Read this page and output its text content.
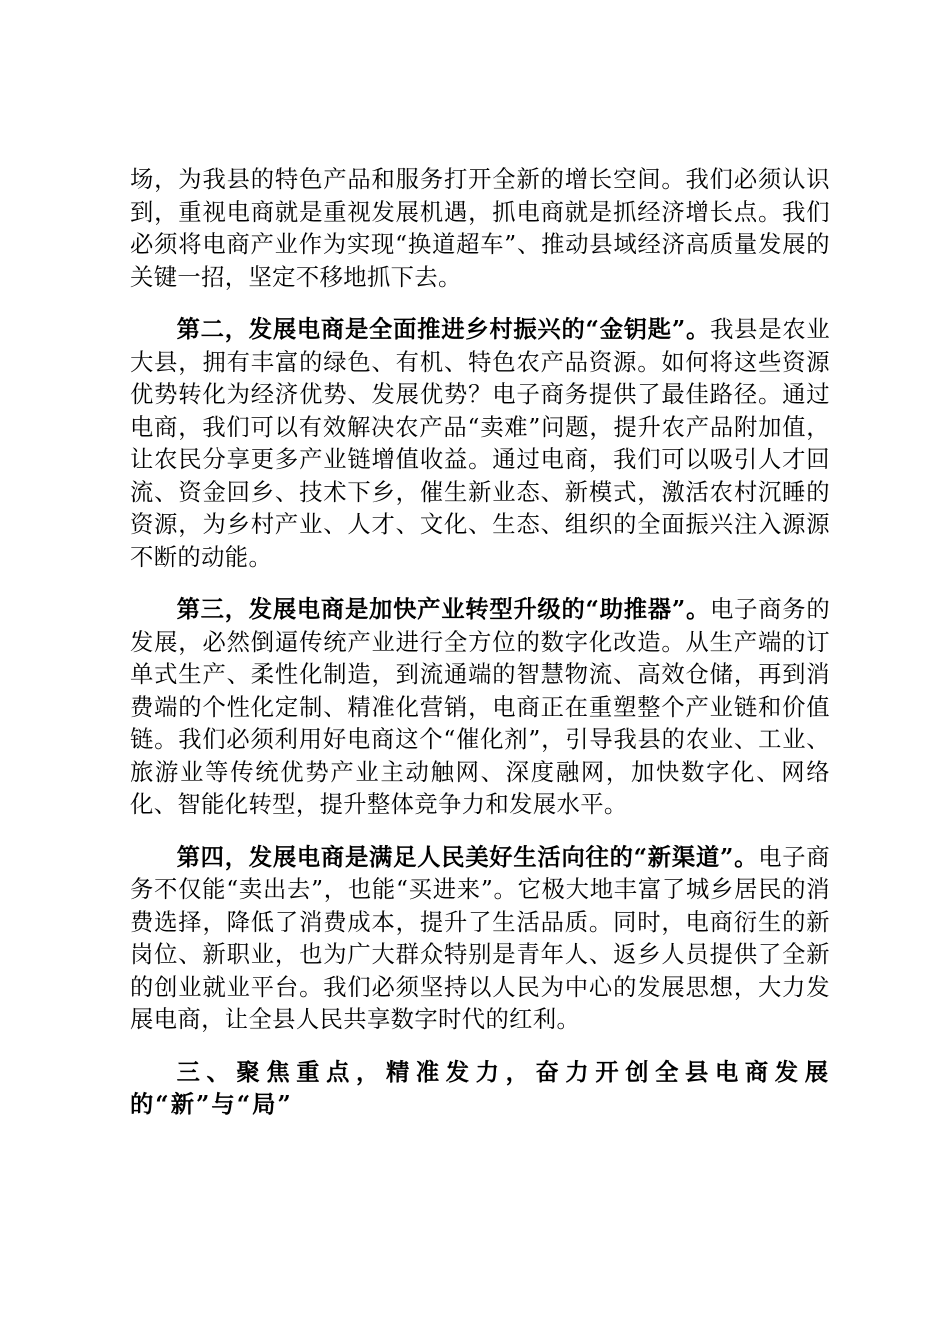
场，为我县的特色产品和服务打开全新的增长空间。我们必须认识到，重视电商就是重视发展机遇，抓电商就是抓经济增长点。我们必须将电商产业作为实现“换道超车”、推动县域经济高质量发展的关键一招，坚定不移地抓下去。

第二，发展电商是全面推进乡村振兴的“金钥匙”。我县是农业大县，拥有丰富的绿色、有机、特色农产品资源。如何将这些资源优势转化为经济优势、发展优势？电子商务提供了最佳路径。通过电商，我们可以有效解决农产品“卖难”问题，提升农产品附加值，让农民分享更多产业链增值收益。通过电商，我们可以吸引人才回流、资金回乡、技术下乡，催生新业态、新模式，激活农村沉睡的资源，为乡村产业、人才、文化、生态、组织的全面振兴注入源源不断的动能。

第三，发展电商是加快产业转型升级的“助推器”。电子商务的发展，必然倒逼传统产业进行全方位的数字化改造。从生产端的订单式生产、柔性化制造，到流通端的智慧物流、高效仓储，再到消费端的个性化定制、精准化营销，电商正在重塑整个产业链和价值链。我们必须利用好电商这个“催化剂”，引导我县的农业、工业、旅游业等传统优势产业主动触网、深度融网，加快数字化、网络化、智能化转型，提升整体竞争力和发展水平。

第四，发展电商是满足人民美好生活向往的“新渠道”。电子商务不仅能“卖出去”，也能“买进来”。它极大地丰富了城乡居民的消费选择，降低了消费成本，提升了生活品质。同时，电商衍生的新岗位、新职业，也为广大群众特别是青年人、返乡人员提供了全新的创业就业平台。我们必须坚持以人民为中心的发展思想，大力发展电商，让全县人民共享数字时代的红利。

三、聚焦重点，精准发力，奋力开创全县电商发展的“新”与“局”
